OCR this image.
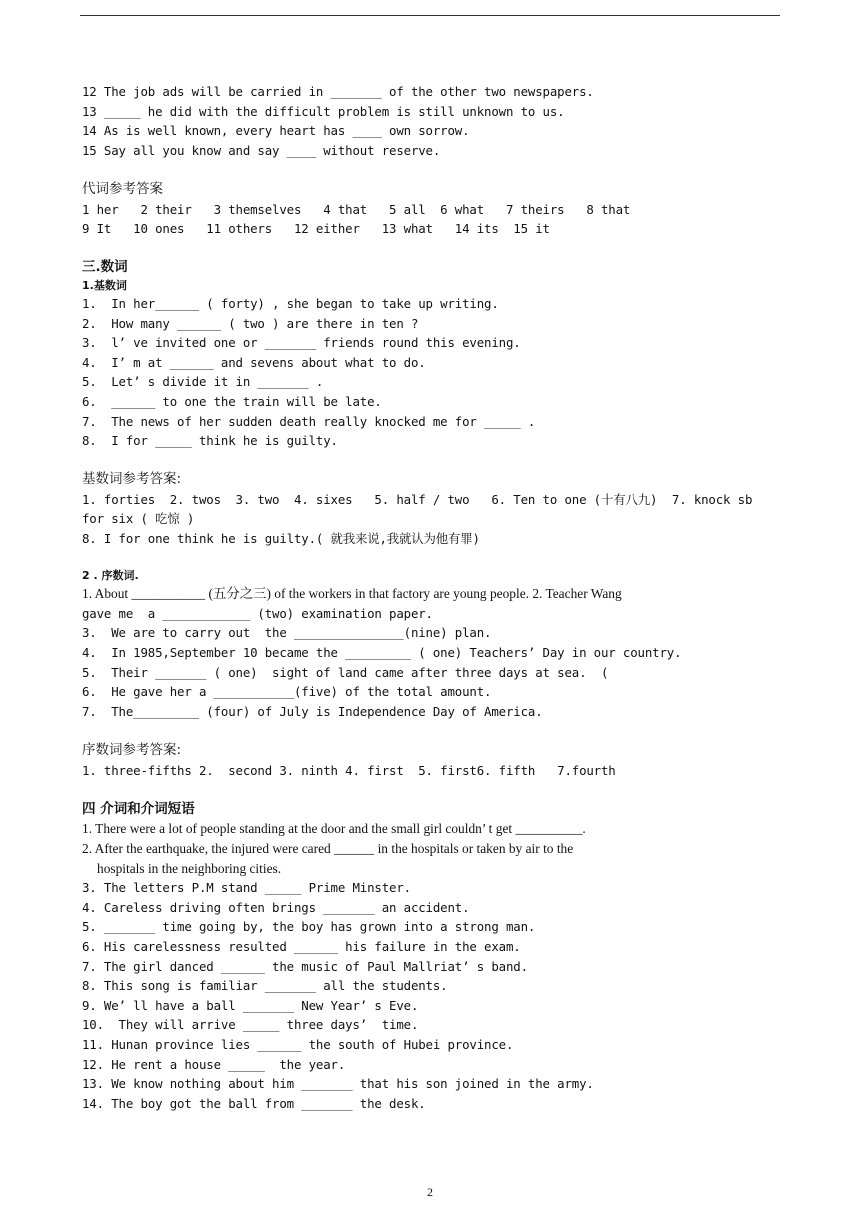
12 The job ads will be carried in _______ of the other two newspapers.
13 _____ he did with the difficult problem is still unknown to us.
14 As is well known, every heart has ____ own sorrow.
15 Say all you know and say ____ without reserve.
代词参考答案
1 her   2 their   3 themselves   4 that   5 all  6 what   7 theirs   8 that
9 It   10 ones   11 others   12 either   13 what   14 its  15 it
三.数词
1.基数词
1.  In her______ ( forty) , she began to take up writing.
2.  How many ______ ( two ) are there in ten ?
3.  l’ ve invited one or _______ friends round this evening.
4.  I’ m at ______ and sevens about what to do.
5.  Let’ s divide it in _______ .
6.  ______ to one the train will be late.
7.  The news of her sudden death really knocked me for _____ .
8.  I for _____ think he is guilty.
基数词参考答案:
1. forties  2. twos  3. two  4. sixes   5. half / two   6. Ten to one (十有八九)  7. knock sb
for six ( 吃惊 )
8. I for one think he is guilty.( 就我来说,我就认为他有罪)
2 . 序数词.
1. About ___________ (五分之三) of the workers in that factory are young people. 2. Teacher Wang
gave me  a ____________ (two) examination paper.
3.  We are to carry out  the _______________(nine) plan.
4.  In 1985,September 10 became the _________ ( one) Teachers’ Day in our country.
5.  Their _______ ( one)  sight of land came after three days at sea.  (
6.  He gave her a ___________(five) of the total amount.
7.  The_________ (four) of July is Independence Day of America.
序数词参考答案:
1. three-fifths 2.  second 3. ninth 4. first  5. first6. fifth   7.fourth
四 介词和介词短语
1. There were a lot of people standing at the door and the small girl couldn’ t get __________.
2. After the earthquake, the injured were cared ______ in the hospitals or taken by air to the
hospitals in the neighboring cities.
3. The letters P.M stand _____ Prime Minster.
4. Careless driving often brings _______ an accident.
5. _______ time going by, the boy has grown into a strong man.
6. His carelessness resulted ______ his failure in the exam.
7. The girl danced ______ the music of Paul Mallriat’ s band.
8. This song is familiar _______ all the students.
9. We’ ll have a ball _______ New Year’ s Eve.
10.  They will arrive _____ three days’  time.
11. Hunan province lies ______ the south of Hubei province.
12. He rent a house _____  the year.
13. We know nothing about him _______ that his son joined in the army.
14. The boy got the ball from _______ the desk.
2
